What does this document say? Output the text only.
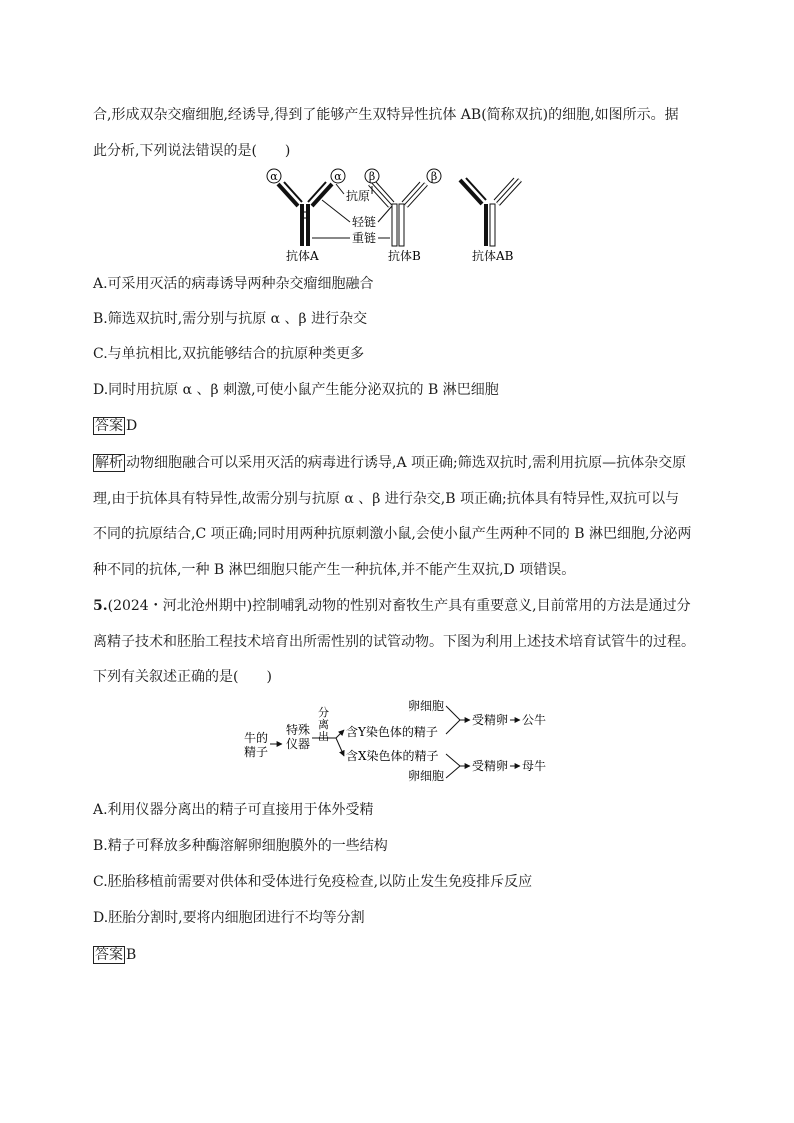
合,形成双杂交瘤细胞,经诱导,得到了能够产生双特异性抗体 AB(简称双抗)的细胞,如图所示。据
此分析,下列说法错误的是(　　)
α	α β	β
抗原
轻链
重链
抗体A	抗体B	抗体AB
A.可采用灭活的病毒诱导两种杂交瘤细胞融合
B.筛选双抗时,需分别与抗原 α 、β 进行杂交
C.与单抗相比,双抗能够结合的抗原种类更多
D.同时用抗原 α 、β 刺激,可使小鼠产生能分泌双抗的 B 淋巴细胞
答案 D
解析 动物细胞融合可以采用灭活的病毒进行诱导,A 项正确;筛选双抗时,需利用抗原—抗体杂交原
理,由于抗体具有特异性,故需分别与抗原 α 、β 进行杂交,B 项正确;抗体具有特异性,双抗可以与
不同的抗原结合,C 项正确;同时用两种抗原刺激小鼠,会使小鼠产生两种不同的 B 淋巴细胞,分泌两
种不同的抗体,一种 B 淋巴细胞只能产生一种抗体,并不能产生双抗,D 项错误。
5.(2024・河北沧州期中)控制哺乳动物的性别对畜牧生产具有重要意义,目前常用的方法是通过分
离精子技术和胚胎工程技术培育出所需性别的试管动物。下图为利用上述技术培育试管牛的过程。
下列有关叙述正确的是(　　)
牛的
精子
特殊
仪器
分
离
出 含Y染色体的精子
含X染色体的精子
卵细胞
卵细胞
受精卵 公牛
受精卵 母牛
A.利用仪器分离出的精子可直接用于体外受精
B.精子可释放多种酶溶解卵细胞膜外的一些结构
C.胚胎移植前需要对供体和受体进行免疫检查,以防止发生免疫排斥反应
D.胚胎分割时,要将内细胞团进行不均等分割
答案 B
